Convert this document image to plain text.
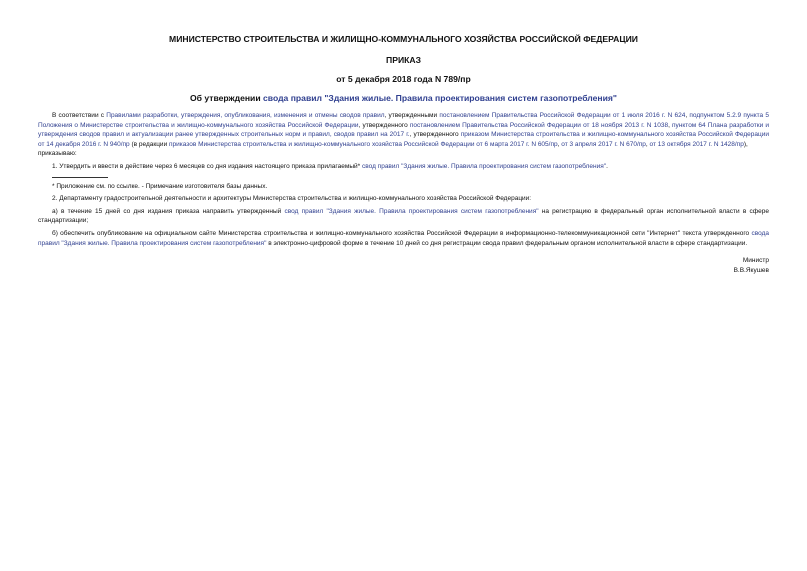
МИНИСТЕРСТВО СТРОИТЕЛЬСТВА И ЖИЛИЩНО-КОММУНАЛЬНОГО ХОЗЯЙСТВА РОССИЙСКОЙ ФЕДЕРАЦИИ
ПРИКАЗ
от 5 декабря 2018 года N 789/пр
Об утверждении свода правил "Здания жилые. Правила проектирования систем газопотребления"

В соответствии с Правилами разработки, утверждения, опубликования, изменения и отмены сводов правил, утвержденными постановлением Правительства Российской Федерации от 1 июля 2016 г. N 624, подпунктом 5.2.9 пункта 5 Положения о Министерстве строительства и жилищно-коммунального хозяйства Российской Федерации, утвержденного постановлением Правительства Российской Федерации от 18 ноября 2013 г. N 1038, пунктом 64 Плана разработки и утверждения сводов правил и актуализации ранее утвержденных строительных норм и правил, сводов правил на 2017 г., утвержденного приказом Министерства строительства и жилищно-коммунального хозяйства Российской Федерации от 14 декабря 2016 г. N 940/пр (в редакции приказов Министерства строительства и жилищно-коммунального хозяйства Российской Федерации от 6 марта 2017 г. N 605/пр, от 3 апреля 2017 г. N 670/пр, от 13 октября 2017 г. N 1428/пр),

приказываю:

1. Утвердить и ввести в действие через 6 месяцев со дня издания настоящего приказа прилагаемый* свод правил "Здания жилые. Правила проектирования систем газопотребления".

* Приложение см. по ссылке. - Примечание изготовителя базы данных.

2. Департаменту градостроительной деятельности и архитектуры Министерства строительства и жилищно-коммунального хозяйства Российской Федерации:

а) в течение 15 дней со дня издания приказа направить утвержденный свод правил "Здания жилые. Правила проектирования систем газопотребления" на регистрацию в федеральный орган исполнительной власти в сфере стандартизации;

б) обеспечить опубликование на официальном сайте Министерства строительства и жилищно-коммунального хозяйства Российской Федерации в информационно-телекоммуникационной сети "Интернет" текста утвержденного свода правил "Здания жилые. Правила проектирования систем газопотребления" в электронно-цифровой форме в течение 10 дней со дня регистрации свода правил федеральным органом исполнительной власти в сфере стандартизации.

Министр
В.В.Якушев
